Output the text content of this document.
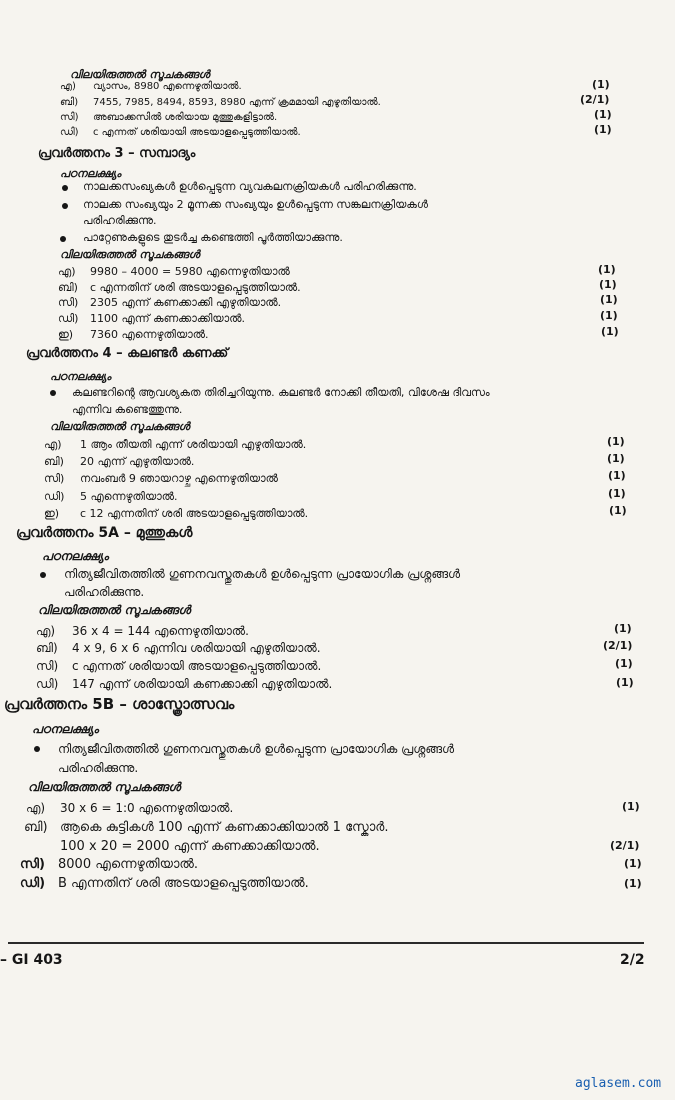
വിലയിരുത്തൽ സൂചകങ്ങൾ
എ) വ്യാസം, 8980 എന്നെഴുതിയാൽ.	(1)
ബി) 7455, 7985, 8494, 8593, 8980 എന്ന് ക്രമമായി എഴുതിയാൽ.	(2/1)
സി) അബാക്കസിൽ ശരിയായ മുത്തുകളിട്ടാൽ.	(1)
ഡി) c എന്നത് ശരിയായി അടയാളപ്പെടുത്തിയാൽ.	(1)
പ്രവർത്തനം 3 – സമ്പാദ്യം
പഠനലക്ഷ്യം
നാലക്കസംഖ്യകൾ ഉൾപ്പെടുന്ന വ്യവകലനക്രിയകൾ പരിഹരിക്കുന്നു.
നാലക്ക സംഖ്യയും 2 മൂന്നക്ക സംഖ്യയും ഉൾപ്പെടുന്ന സങ്കലനക്രിയകൾ
പരിഹരിക്കുന്നു.
പാറ്റേണുകളുടെ തുടർച്ച കണ്ടെത്തി പൂർത്തിയാക്കുന്നു.
വിലയിരുത്തൽ സൂചകങ്ങൾ
എ) 9980 – 4000 = 5980 എന്നെഴുതിയാൽ	(1)
ബി) c എന്നതിന് ശരി അടയാളപ്പെടുത്തിയാൽ.	(1)
സി) 2305 എന്ന് കണക്കാക്കി എഴുതിയാൽ.	(1)
ഡി) 1100 എന്ന് കണക്കാക്കിയാൽ.	(1)
ഇ) 7360 എന്നെഴുതിയാൽ.	(1)
പ്രവർത്തനം 4 – കലണ്ടർ കണക്ക്
പഠനലക്ഷ്യം
കലണ്ടറിന്റെ ആവശ്യകത തിരിച്ചറിയുന്നു. കലണ്ടർ നോക്കി തീയതി, വിശേഷ ദിവസം
എന്നിവ കണ്ടെത്തുന്നു.
വിലയിരുത്തൽ സൂചകങ്ങൾ
എ) 1 ആം തീയതി എന്ന് ശരിയായി എഴുതിയാൽ.	(1)
ബി) 20 എന്ന് എഴുതിയാൽ.	(1)
സി) നവംബർ 9 ഞായറാഴ്ച എന്നെഴുതിയാൽ	(1)
ഡി) 5 എന്നെഴുതിയാൽ.	(1)
ഇ) c 12 എന്നതിന് ശരി അടയാളപ്പെടുത്തിയാൽ.	(1)
പ്രവർത്തനം 5A – മുത്തുകൾ
പഠനലക്ഷ്യം
നിത്യജീവിതത്തിൽ ഗുണനവസ്തുതകൾ ഉൾപ്പെടുന്ന പ്രായോഗിക പ്രശ്നങ്ങൾ
പരിഹരിക്കുന്നു.
വിലയിരുത്തൽ സൂചകങ്ങൾ
എ) 36 x 4 = 144 എന്നെഴുതിയാൽ.	(1)
ബി) 4 x 9, 6 x 6 എന്നിവ ശരിയായി എഴുതിയാൽ.	(2/1)
സി) c എന്നത് ശരിയായി അടയാളപ്പെടുത്തിയാൽ.	(1)
ഡി) 147 എന്ന് ശരിയായി കണക്കാക്കി എഴുതിയാൽ.	(1)
പ്രവർത്തനം 5B – ശാസ്ത്രോത്സവം
പഠനലക്ഷ്യം
നിത്യജീവിതത്തിൽ ഗുണനവസ്തുതകൾ ഉൾപ്പെടുന്ന പ്രായോഗിക പ്രശ്നങ്ങൾ
പരിഹരിക്കുന്നു.
വിലയിരുത്തൽ സൂചകങ്ങൾ
എ) 30 x 6 = 1:0 എന്നെഴുതിയാൽ.	(1)
ബി) ആകെ കുട്ടികൾ 100 എന്ന് കണക്കാക്കിയാൽ 1 സ്കോർ.
100 x 20 = 2000 എന്ന് കണക്കാക്കിയാൽ.	(2/1)
സി) 8000 എന്നെഴുതിയാൽ.	(1)
ഡി) B എന്നതിന് ശരി അടയാളപ്പെടുത്തിയാൽ.	(1)
– GI 403	2/2
aglasem.com
